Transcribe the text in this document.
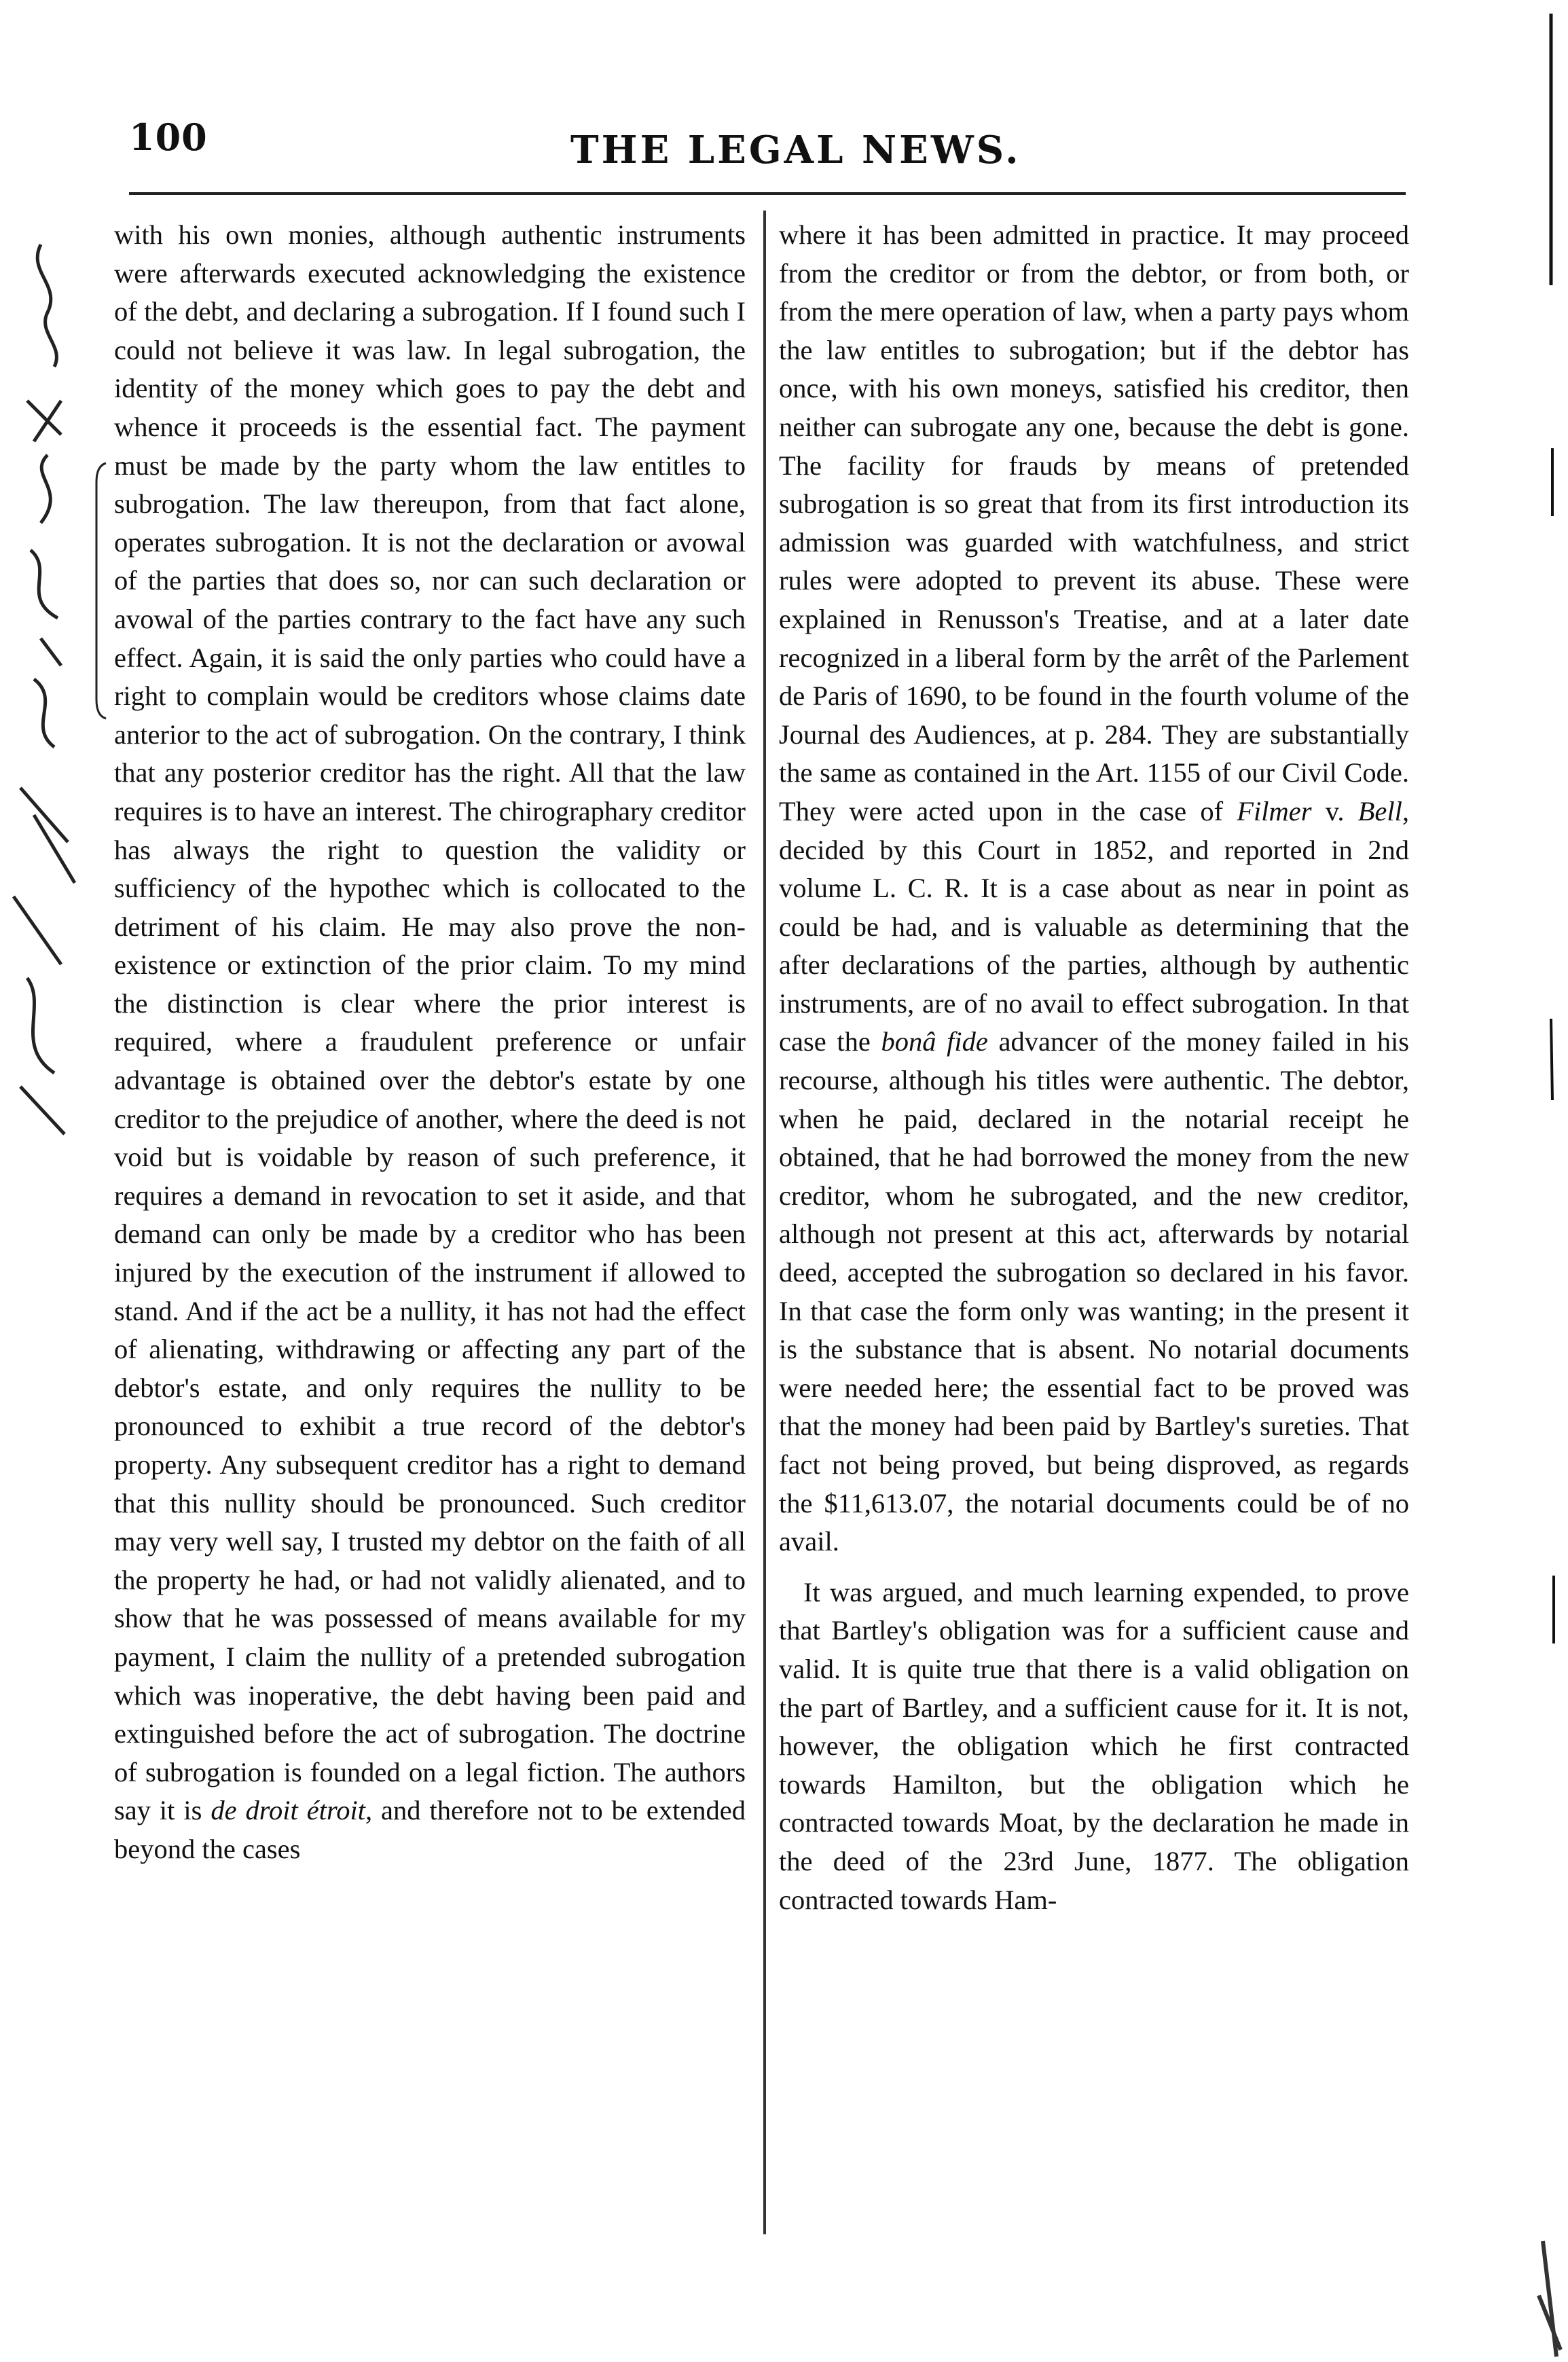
100	THE LEGAL NEWS.

with his own monies, although authentic instruments were afterwards executed acknowledging the existence of the debt, and declaring a subrogation. If I found such I could not believe it was law. In legal subrogation, the identity of the money which goes to pay the debt and whence it proceeds is the essential fact. The payment must be made by the party whom the law entitles to subrogation. The law thereupon, from that fact alone, operates subrogation. It is not the declaration or avowal of the parties that does so, nor can such declaration or avowal of the parties contrary to the fact have any such effect. Again, it is said the only parties who could have a right to complain would be creditors whose claims date anterior to the act of subrogation. On the contrary, I think that any posterior creditor has the right. All that the law requires is to have an interest. The chirographary creditor has always the right to question the validity or sufficiency of the hypothec which is collocated to the detriment of his claim. He may also prove the non-existence or extinction of the prior claim. To my mind the distinction is clear where the prior interest is required, where a fraudulent preference or unfair advantage is obtained over the debtor's estate by one creditor to the prejudice of another, where the deed is not void but is voidable by reason of such preference, it requires a demand in revocation to set it aside, and that demand can only be made by a creditor who has been injured by the execution of the instrument if allowed to stand. And if the act be a nullity, it has not had the effect of alienating, withdrawing or affecting any part of the debtor's estate, and only requires the nullity to be pronounced to exhibit a true record of the debtor's property. Any subsequent creditor has a right to demand that this nullity should be pronounced. Such creditor may very well say, I trusted my debtor on the faith of all the property he had, or had not validly alienated, and to show that he was possessed of means available for my payment, I claim the nullity of a pretended subrogation which was inoperative, the debt having been paid and extinguished before the act of subrogation. The doctrine of subrogation is founded on a legal fiction. The authors say it is de droit étroit, and therefore not to be extended beyond the cases

where it has been admitted in practice. It may proceed from the creditor or from the debtor, or from both, or from the mere operation of law, when a party pays whom the law entitles to subrogation; but if the debtor has once, with his own moneys, satisfied his creditor, then neither can subrogate any one, because the debt is gone. The facility for frauds by means of pretended subrogation is so great that from its first introduction its admission was guarded with watchfulness, and strict rules were adopted to prevent its abuse. These were explained in Renusson's Treatise, and at a later date recognized in a liberal form by the arrêt of the Parlement de Paris of 1690, to be found in the fourth volume of the Journal des Audiences, at p. 284. They are substantially the same as contained in the Art. 1155 of our Civil Code. They were acted upon in the case of Filmer v. Bell, decided by this Court in 1852, and reported in 2nd volume L. C. R. It is a case about as near in point as could be had, and is valuable as determining that the after declarations of the parties, although by authentic instruments, are of no avail to effect subrogation. In that case the bonâ fide advancer of the money failed in his recourse, although his titles were authentic. The debtor, when he paid, declared in the notarial receipt he obtained, that he had borrowed the money from the new creditor, whom he subrogated, and the new creditor, although not present at this act, afterwards by notarial deed, accepted the subrogation so declared in his favor. In that case the form only was wanting; in the present it is the substance that is absent. No notarial documents were needed here; the essential fact to be proved was that the money had been paid by Bartley's sureties. That fact not being proved, but being disproved, as regards the $11,613.07, the notarial documents could be of no avail.

It was argued, and much learning expended, to prove that Bartley's obligation was for a sufficient cause and valid. It is quite true that there is a valid obligation on the part of Bartley, and a sufficient cause for it. It is not, however, the obligation which he first contracted towards Hamilton, but the obligation which he contracted towards Moat, by the declaration he made in the deed of the 23rd June, 1877. The obligation contracted towards Ham-
